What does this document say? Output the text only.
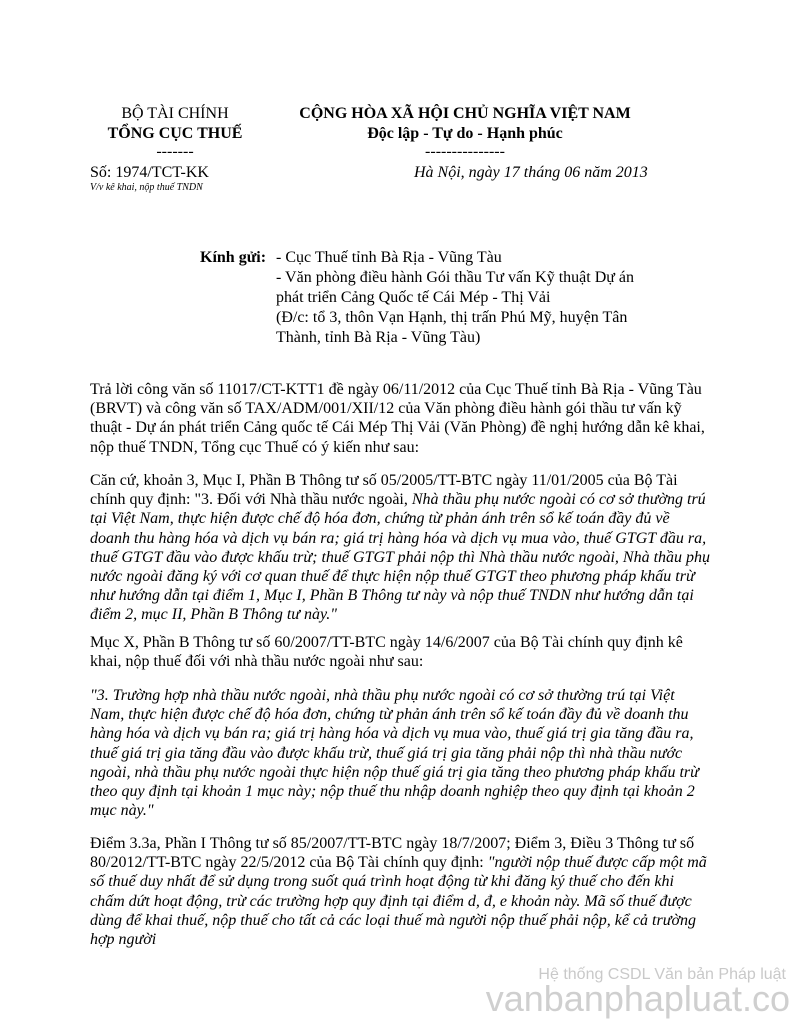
BỘ TÀI CHÍNH
TỔNG CỤC THUẾ
-------
CỘNG HÒA XÃ HỘI CHỦ NGHĨA VIỆT NAM
Độc lập - Tự do - Hạnh phúc
---------------
Số: 1974/TCT-KK
V/v kê khai, nộp thuế TNDN
Hà Nội, ngày 17 tháng 06 năm 2013
Kính gửi: - Cục Thuế tỉnh Bà Rịa - Vũng Tàu
- Văn phòng điều hành Gói thầu Tư vấn Kỹ thuật Dự án
phát triển Cảng Quốc tế Cái Mép - Thị Vải
(Đ/c: tổ 3, thôn Vạn Hạnh, thị trấn Phú Mỹ, huyện Tân
Thành, tỉnh Bà Rịa - Vũng Tàu)
Trả lời công văn số 11017/CT-KTT1 đề ngày 06/11/2012 của Cục Thuế tỉnh Bà Rịa - Vũng Tàu (BRVT) và công văn số TAX/ADM/001/XII/12 của Văn phòng điều hành gói thầu tư vấn kỹ thuật - Dự án phát triển Cảng quốc tế Cái Mép Thị Vải (Văn Phòng) đề nghị hướng dẫn kê khai, nộp thuế TNDN, Tổng cục Thuế có ý kiến như sau:
Căn cứ, khoản 3, Mục I, Phần B Thông tư số 05/2005/TT-BTC ngày 11/01/2005 của Bộ Tài chính quy định: "3. Đối với Nhà thầu nước ngoài, Nhà thầu phụ nước ngoài có cơ sở thường trú tại Việt Nam, thực hiện được chế độ hóa đơn, chứng từ phản ánh trên sổ kế toán đầy đủ về doanh thu hàng hóa và dịch vụ bán ra; giá trị hàng hóa và dịch vụ mua vào, thuế GTGT đầu ra, thuế GTGT đầu vào được khấu trừ; thuế GTGT phải nộp thì Nhà thầu nước ngoài, Nhà thầu phụ nước ngoài đăng ký với cơ quan thuế để thực hiện nộp thuế GTGT theo phương pháp khấu trừ như hướng dẫn tại điểm 1, Mục I, Phần B Thông tư này và nộp thuế TNDN như hướng dẫn tại điểm 2, mục II, Phần B Thông tư này."
Mục X, Phần B Thông tư số 60/2007/TT-BTC ngày 14/6/2007 của Bộ Tài chính quy định kê khai, nộp thuế đối với nhà thầu nước ngoài như sau:
"3. Trường hợp nhà thầu nước ngoài, nhà thầu phụ nước ngoài có cơ sở thường trú tại Việt Nam, thực hiện được chế độ hóa đơn, chứng từ phản ánh trên sổ kế toán đầy đủ về doanh thu hàng hóa và dịch vụ bán ra; giá trị hàng hóa và dịch vụ mua vào, thuế giá trị gia tăng đầu ra, thuế giá trị gia tăng đầu vào được khấu trừ, thuế giá trị gia tăng phải nộp thì nhà thầu nước ngoài, nhà thầu phụ nước ngoài thực hiện nộp thuế giá trị gia tăng theo phương pháp khấu trừ theo quy định tại khoản 1 mục này; nộp thuế thu nhập doanh nghiệp theo quy định tại khoản 2 mục này."
Điểm 3.3a, Phần I Thông tư số 85/2007/TT-BTC ngày 18/7/2007; Điểm 3, Điều 3 Thông tư số 80/2012/TT-BTC ngày 22/5/2012 của Bộ Tài chính quy định: "người nộp thuế được cấp một mã số thuế duy nhất để sử dụng trong suốt quá trình hoạt động từ khi đăng ký thuế cho đến khi chấm dứt hoạt động, trừ các trường hợp quy định tại điểm d, đ, e khoản này. Mã số thuế được dùng để khai thuế, nộp thuế cho tất cả các loại thuế mà người nộp thuế phải nộp, kể cả trường hợp người
Hệ thống CSDL Văn bản Pháp luật
vanbanphapluat.co
